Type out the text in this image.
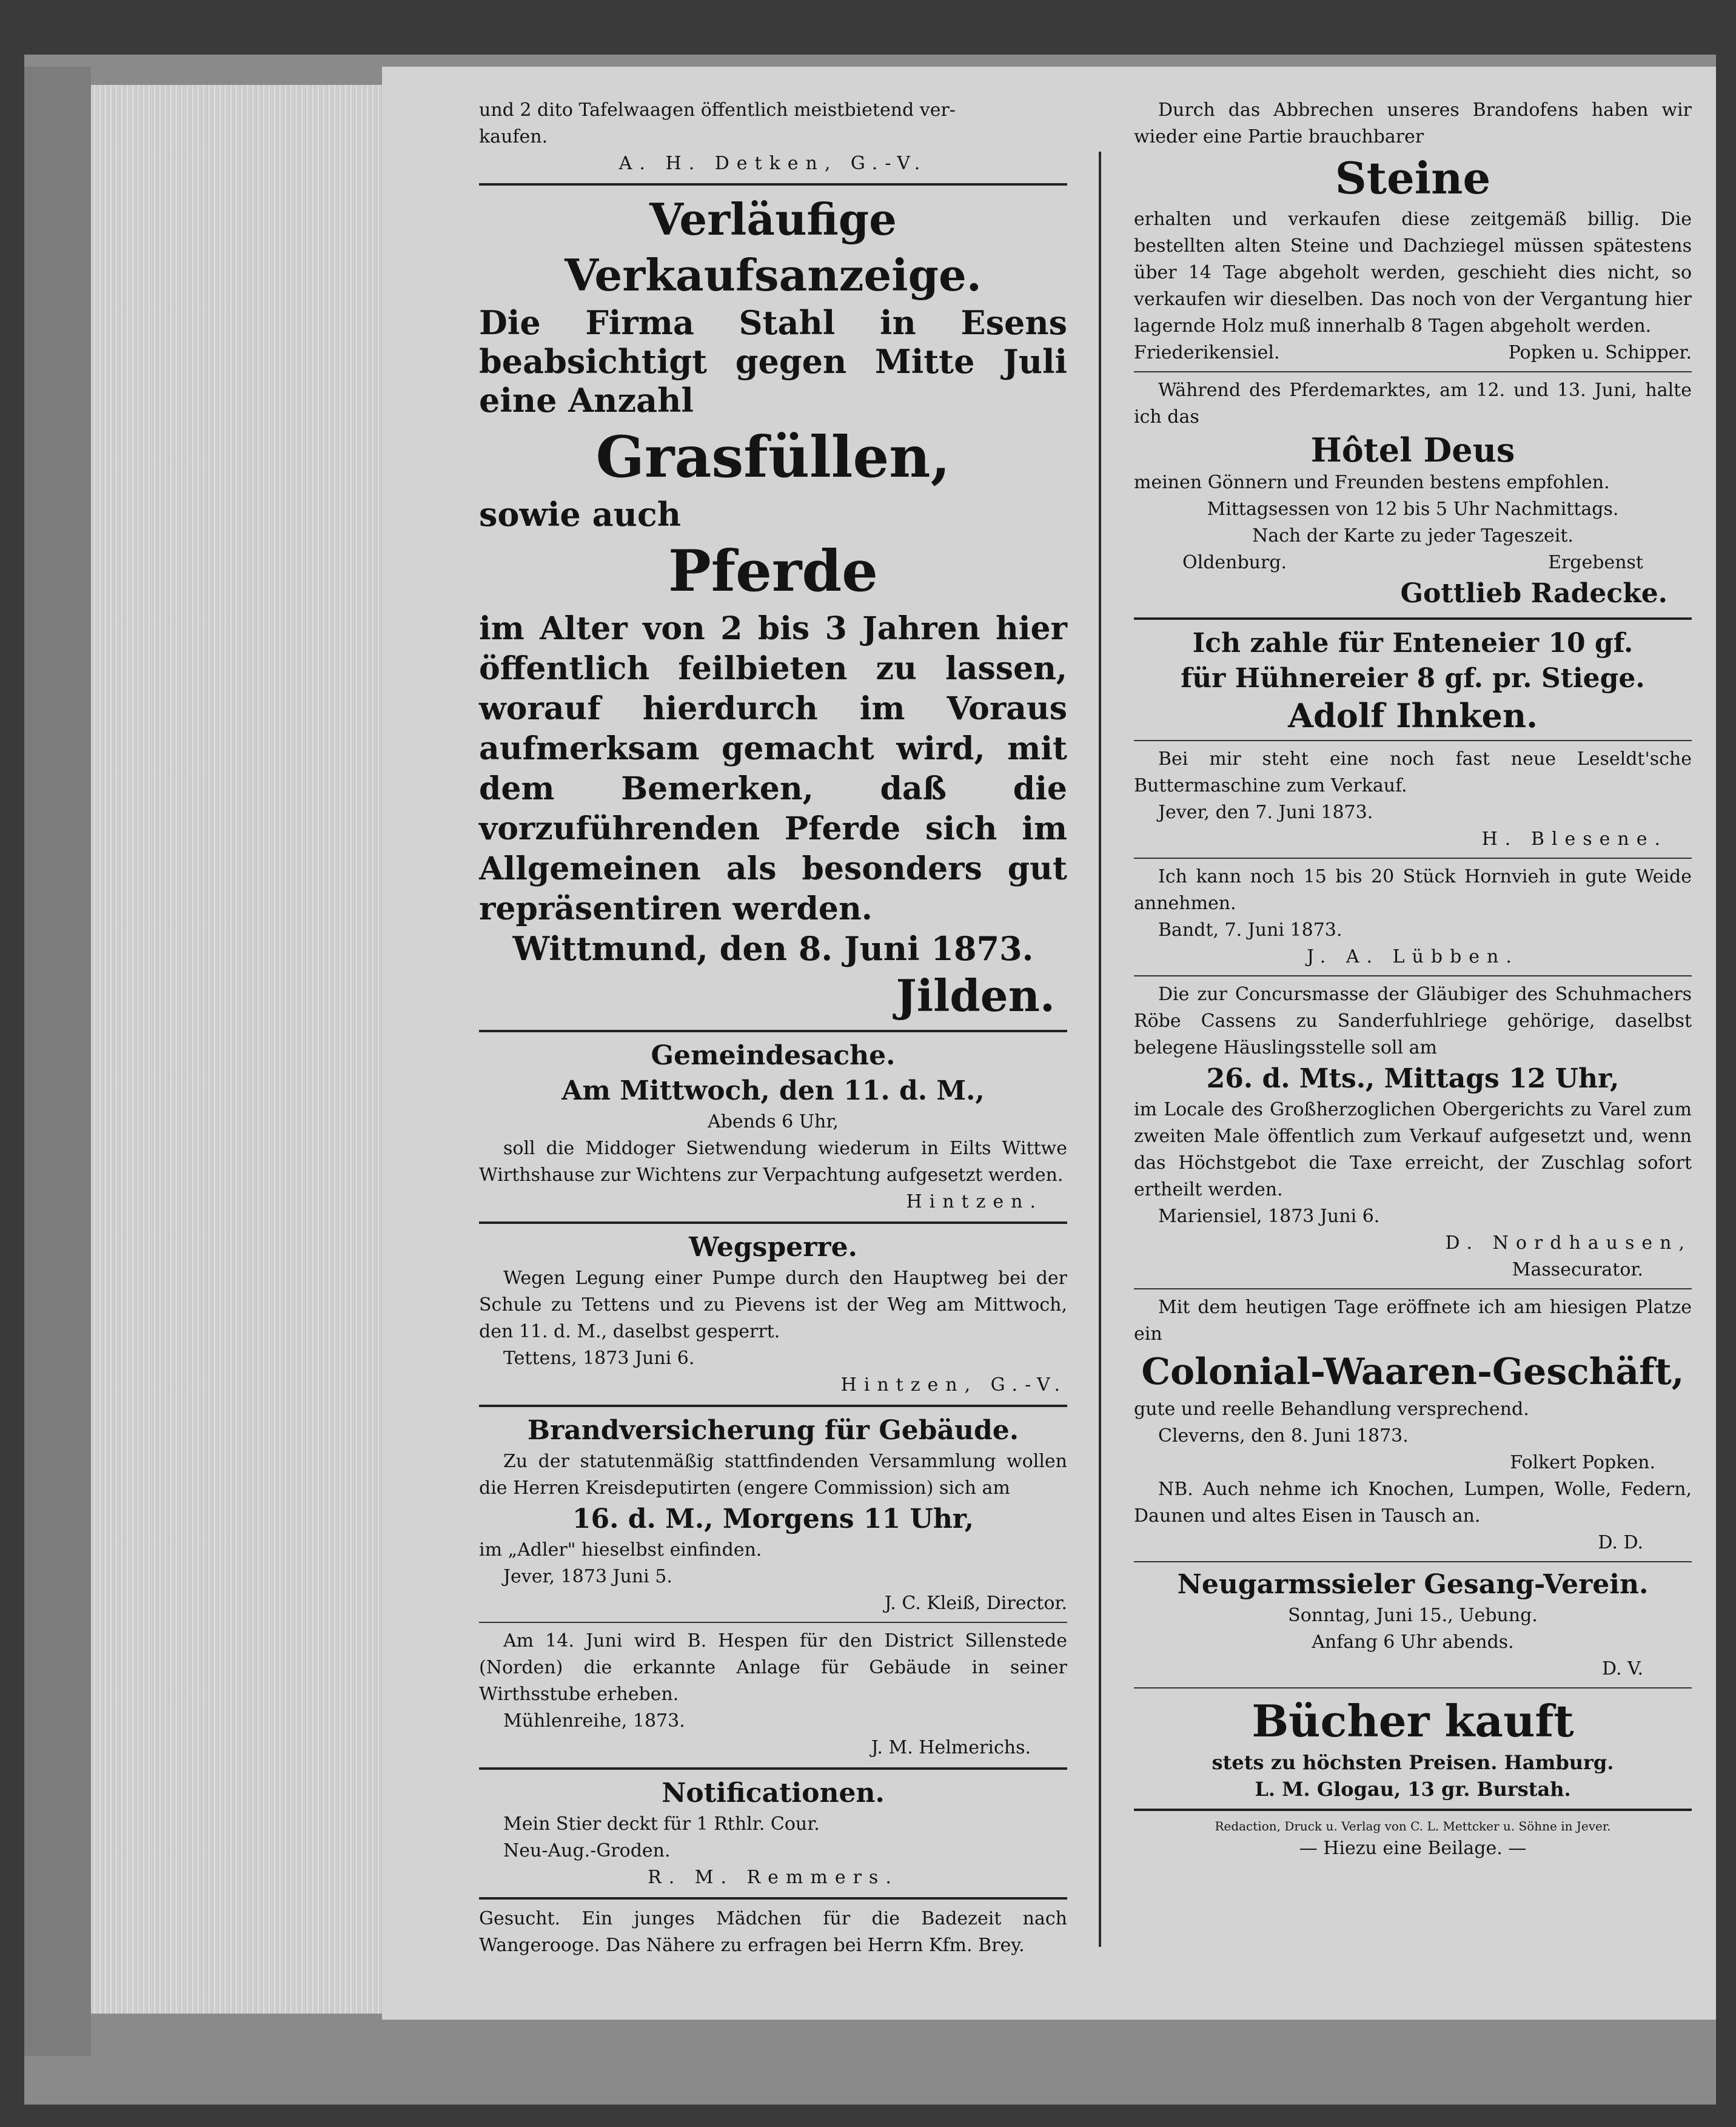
und 2 dito Tafelwaagen öffentlich meistbietend ver-

kaufen.

A. H. Detken, G.-V.

Verläufige Verkaufsanzeige.

Die Firma Stahl in Esens beabsichtigt gegen Mitte Juli eine Anzahl

Grasfüllen,

sowie auch

Pferde

im Alter von 2 bis 3 Jahren hier öffentlich feilbieten zu lassen, worauf hierdurch im Voraus aufmerksam gemacht wird, mit dem Bemerken, daß die vorzuführenden Pferde sich im Allgemeinen als besonders gut repräsentiren werden.

Wittmund, den 8. Juni 1873.

Jilden.

Gemeindesache.

Am Mittwoch, den 11. d. M.,

Abends 6 Uhr,

soll die Middoger Sietwendung wiederum in Eilts Wittwe Wirthshause zur Wichtens zur Verpachtung aufgesetzt werden.

Hintzen.

Wegsperre.

Wegen Legung einer Pumpe durch den Hauptweg bei der Schule zu Tettens und zu Pievens ist der Weg am Mittwoch, den 11. d. M., daselbst gesperrt.

Tettens, 1873 Juni 6.

Hintzen, G.-V.

Brandversicherung für Gebäude.

Zu der statutenmäßig stattfindenden Versammlung wollen die Herren Kreisdeputirten (engere Commission) sich am

16. d. M., Morgens 11 Uhr,

im „Adler" hieselbst einfinden.

Jever, 1873 Juni 5.

J. C. Kleiß, Director.

Am 14. Juni wird B. Hespen für den District Sillenstede (Norden) die erkannte Anlage für Gebäude in seiner Wirthsstube erheben.

Mühlenreihe, 1873.

J. M. Helmerichs.

Notificationen.

Mein Stier deckt für 1 Rthlr. Cour.

Neu-Aug.-Groden.

R. M. Remmers.

Gesucht. Ein junges Mädchen für die Badezeit nach Wangerooge. Das Nähere zu erfragen bei Herrn Kfm. Brey.

Durch das Abbrechen unseres Brandofens haben wir wieder eine Partie brauchbarer

Steine

erhalten und verkaufen diese zeitgemäß billig. Die bestellten alten Steine und Dachziegel müssen spätestens über 14 Tage abgeholt werden, geschieht dies nicht, so verkaufen wir dieselben. Das noch von der Vergantung hier lagernde Holz muß innerhalb 8 Tagen abgeholt werden.

Friederikensiel.	Popken u. Schipper.

Während des Pferdemarktes, am 12. und 13. Juni, halte ich das

Hôtel Deus

meinen Gönnern und Freunden bestens empfohlen.

Mittagsessen von 12 bis 5 Uhr Nachmittags.

Nach der Karte zu jeder Tageszeit.

Oldenburg.	Ergebenst

Gottlieb Radecke.

Ich zahle für Enteneier 10 gf.

für Hühnereier 8 gf. pr. Stiege.

Adolf Ihnken.

Bei mir steht eine noch fast neue Leseldt'sche Buttermaschine zum Verkauf.

Jever, den 7. Juni 1873.

H. Blesene.

Ich kann noch 15 bis 20 Stück Hornvieh in gute Weide annehmen.

Bandt, 7. Juni 1873.

J. A. Lübben.

Die zur Concursmasse der Gläubiger des Schuhmachers Röbe Cassens zu Sanderfuhlriege gehörige, daselbst belegene Häuslingsstelle soll am

26. d. Mts., Mittags 12 Uhr,

im Locale des Großherzoglichen Obergerichts zu Varel zum zweiten Male öffentlich zum Verkauf aufgesetzt und, wenn das Höchstgebot die Taxe erreicht, der Zuschlag sofort ertheilt werden.

Mariensiel, 1873 Juni 6.

D. Nordhausen,

Massecurator.

Mit dem heutigen Tage eröffnete ich am hiesigen Platze ein

Colonial-Waaren-Geschäft,

gute und reelle Behandlung versprechend.

Cleverns, den 8. Juni 1873.

Folkert Popken.

NB. Auch nehme ich Knochen, Lumpen, Wolle, Federn, Daunen und altes Eisen in Tausch an.

D. D.

Neugarmssieler Gesang-Verein.

Sonntag, Juni 15., Uebung.

Anfang 6 Uhr abends.

D. V.

Bücher kauft

stets zu höchsten Preisen. Hamburg.

L. M. Glogau, 13 gr. Burstah.

Redaction, Druck u. Verlag von C. L. Mettcker u. Söhne in Jever.

— Hiezu eine Beilage. —
